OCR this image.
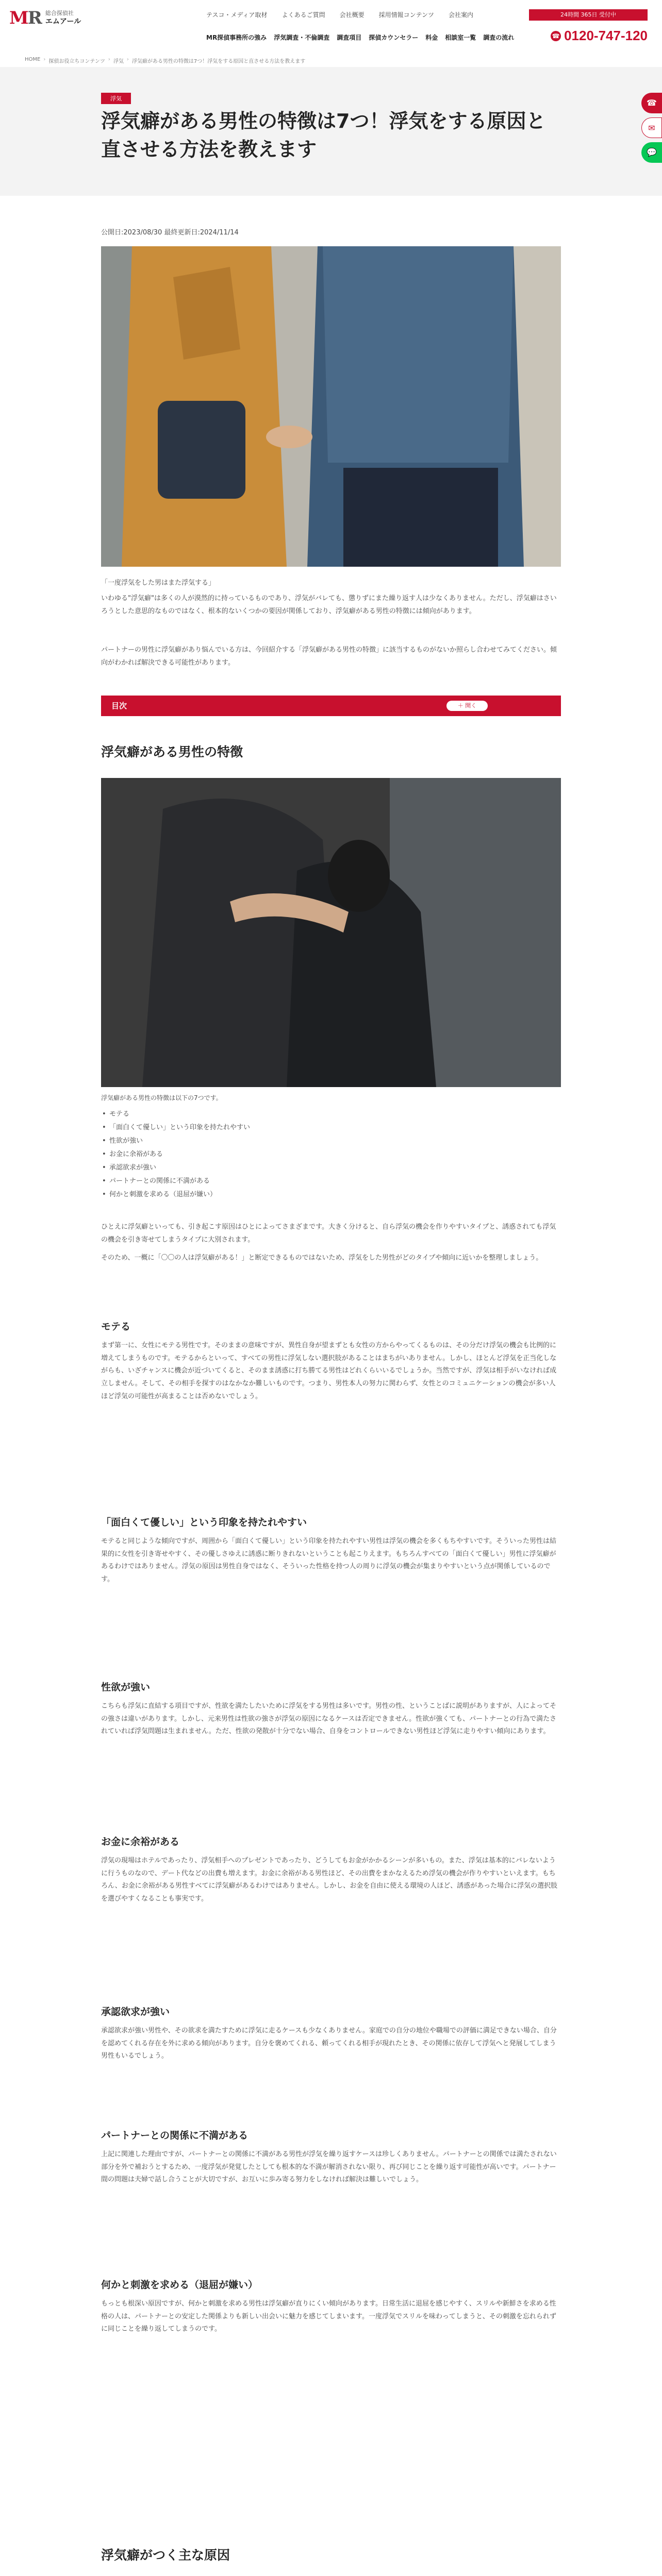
MR 総合探偵社
エムアール
テスコ・メディア取材 よくあるご質問 会社概要 採用情報コンテンツ 会社案内
MR探偵事務所の強み 浮気調査・不倫調査 調査項目 探偵カウンセラー 料金 相談室一覧 調査の流れ
24時間 365日 受付中
☎ 0120-747-120
HOME › 探偵お役立ちコンテンツ › 浮気 › 浮気癖がある男性の特徴は7つ！浮気をする原因と直させる方法を教えます
浮気
浮気癖がある男性の特徴は7つ！浮気をする原因と直させる方法を教えます
☎
✉
💬
公開日:2023/08/30 最終更新日:2024/11/14
「一度浮気をした男はまた浮気する」
いわゆる"浮気癖"は多くの人が漠然的に持っているものであり、浮気がバレても、懲りずにまた繰り返す人は少なくありません。ただし、浮気癖はさいろうとした意思的なものではなく、根本的ないくつかの要因が関係しており、浮気癖がある男性の特徴には傾向があります。
パートナーの男性に浮気癖があり悩んでいる方は、今回紹介する「浮気癖がある男性の特徴」に該当するものがないか照らし合わせてみてください。傾向がわかれば解決できる可能性があります。
目次	＋ 開く
浮気癖がある男性の特徴
浮気癖がある男性の特徴は以下の7つです。
• モテる
• 「面白くて優しい」という印象を持たれやすい
• 性欲が強い
• お金に余裕がある
• 承認欲求が強い
• パートナーとの関係に不満がある
• 何かと刺激を求める（退屈が嫌い）
ひとえに浮気癖といっても、引き起こす原因はひとによってさまざまです。大きく分けると、自ら浮気の機会を作りやすいタイプと、誘惑されても浮気の機会を引き寄せてしまうタイプに大別されます。
そのため、一概に「〇〇の人は浮気癖がある！」と断定できるものではないため、浮気をした男性がどのタイプや傾向に近いかを整理しましょう。
モテる
まず第一に、女性にモテる男性です。そのままの意味ですが、異性自身が望まずとも女性の方からやってくるものは、その分だけ浮気の機会も比例的に増えてしまうものです。モテるからといって、すべての男性に浮気しない選択肢があることはまちがいありません。しかし、ほとんど浮気を正当化しながらも、いざチャンスに機会が近づいてくると、そのまま誘惑に打ち勝てる男性はどれくらいいるでしょうか。当然ですが、浮気は相手がいなければ成立しません。そして、その相手を探すのはなかなか難しいものです。つまり、男性本人の努力に関わらず、女性とのコミュニケーションの機会が多い人ほど浮気の可能性が高まることは否めないでしょう。
「面白くて優しい」という印象を持たれやすい
モテると同じような傾向ですが、周囲から「面白くて優しい」という印象を持たれやすい男性は浮気の機会を多くもちやすいです。そういった男性は結果的に女性を引き寄せやすく、その優しさゆえに誘惑に断りきれないということも起こりえます。もちろんすべての「面白くて優しい」男性に浮気癖があるわけではありません。浮気の原因は男性自身ではなく、そういった性格を持つ人の周りに浮気の機会が集まりやすいという点が関係しているのです。
性欲が強い
こちらも浮気に直結する項目ですが、性欲を満たしたいために浮気をする男性は多いです。男性の性、ということばに説明がありますが、人によってその強さは違いがあります。しかし、元来男性は性欲の強さが浮気の原因になるケースは否定できません。性欲が強くても、パートナーとの行為で満たされていれば浮気問題は生まれません。ただ、性欲の発散が十分でない場合、自身をコントロールできない男性ほど浮気に走りやすい傾向にあります。
お金に余裕がある
浮気の現場はホテルであったり、浮気相手へのプレゼントであったり、どうしてもお金がかかるシーンが多いもの。また、浮気は基本的にバレないように行うものなので、デート代などの出費も増えます。お金に余裕がある男性ほど、その出費をまかなえるため浮気の機会が作りやすいといえます。もちろん、お金に余裕がある男性すべてに浮気癖があるわけではありません。しかし、お金を自由に使える環境の人ほど、誘惑があった場合に浮気の選択肢を選びやすくなることも事実です。
承認欲求が強い
承認欲求が強い男性や、その欲求を満たすために浮気に走るケースも少なくありません。家庭での自分の地位や職場での評価に満足できない場合、自分を認めてくれる存在を外に求める傾向があります。自分を褒めてくれる、頼ってくれる相手が現れたとき、その関係に依存して浮気へと発展してしまう男性もいるでしょう。
パートナーとの関係に不満がある
上記に関連した理由ですが、パートナーとの関係に不満がある男性が浮気を繰り返すケースは珍しくありません。パートナーとの関係では満たされない部分を外で補おうとするため、一度浮気が発覚したとしても根本的な不満が解消されない限り、再び同じことを繰り返す可能性が高いです。パートナー間の問題は夫婦で話し合うことが大切ですが、お互いに歩み寄る努力をしなければ解決は難しいでしょう。
何かと刺激を求める（退屈が嫌い）
もっとも根深い原因ですが、何かと刺激を求める男性は浮気癖が直りにくい傾向があります。日常生活に退屈を感じやすく、スリルや新鮮さを求める性格の人は、パートナーとの安定した関係よりも新しい出会いに魅力を感じてしまいます。一度浮気でスリルを味わってしまうと、その刺激を忘れられずに同じことを繰り返してしまうのです。
浮気癖がつく主な原因
